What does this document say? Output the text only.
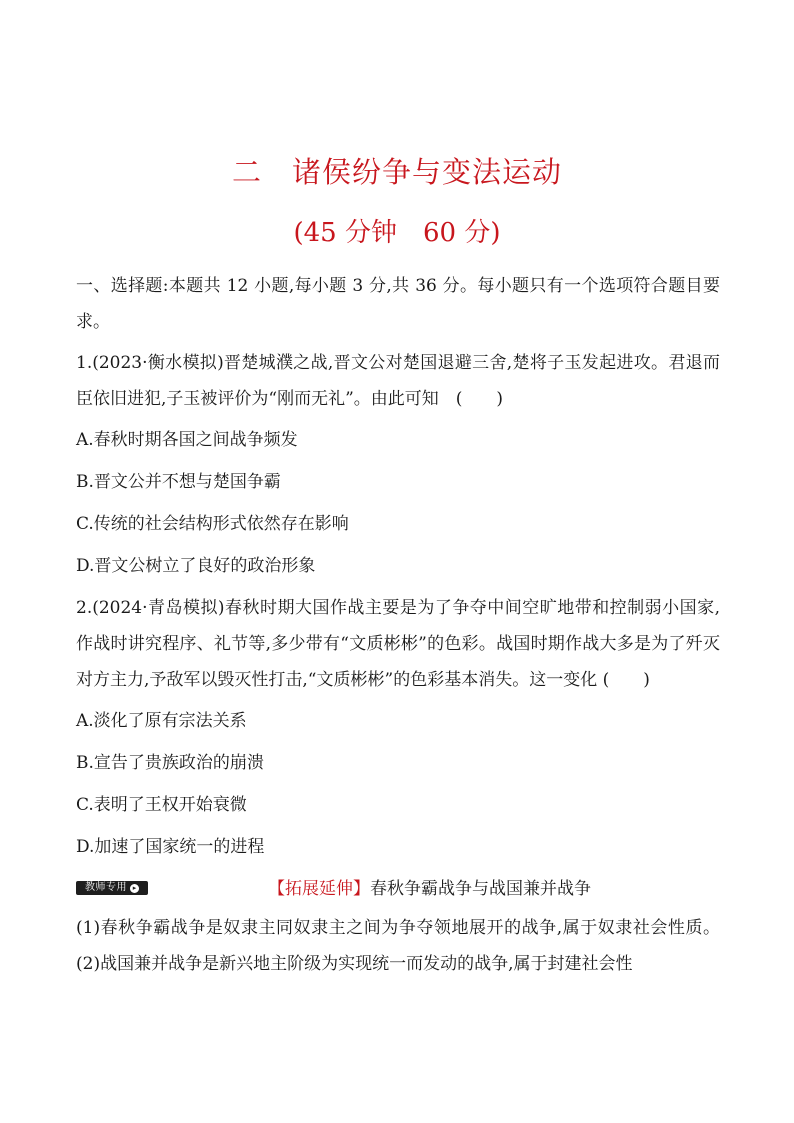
二　诸侯纷争与变法运动
(45 分钟　60 分)

一、选择题:本题共 12 小题,每小题 3 分,共 36 分。每小题只有一个选项符合题目要求。

1.(2023·衡水模拟)晋楚城濮之战,晋文公对楚国退避三舍,楚将子玉发起进攻。君退而臣依旧进犯,子玉被评价为“刚而无礼”。由此可知　(　　)

A.春秋时期各国之间战争频发

B.晋文公并不想与楚国争霸

C.传统的社会结构形式依然存在影响

D.晋文公树立了良好的政治形象

2.(2024·青岛模拟)春秋时期大国作战主要是为了争夺中间空旷地带和控制弱小国家,作战时讲究程序、礼节等,多少带有“文质彬彬”的色彩。战国时期作战大多是为了歼灭对方主力,予敌军以毁灭性打击,“文质彬彬”的色彩基本消失。这一变化 (　　)

A.淡化了原有宗法关系

B.宣告了贵族政治的崩溃

C.表明了王权开始衰微

D.加速了国家统一的进程

教师专用 ▸	【拓展延伸】春秋争霸战争与战国兼并战争

(1)春秋争霸战争是奴隶主同奴隶主之间为争夺领地展开的战争,属于奴隶社会性质。 (2)战国兼并战争是新兴地主阶级为实现统一而发动的战争,属于封建社会性
